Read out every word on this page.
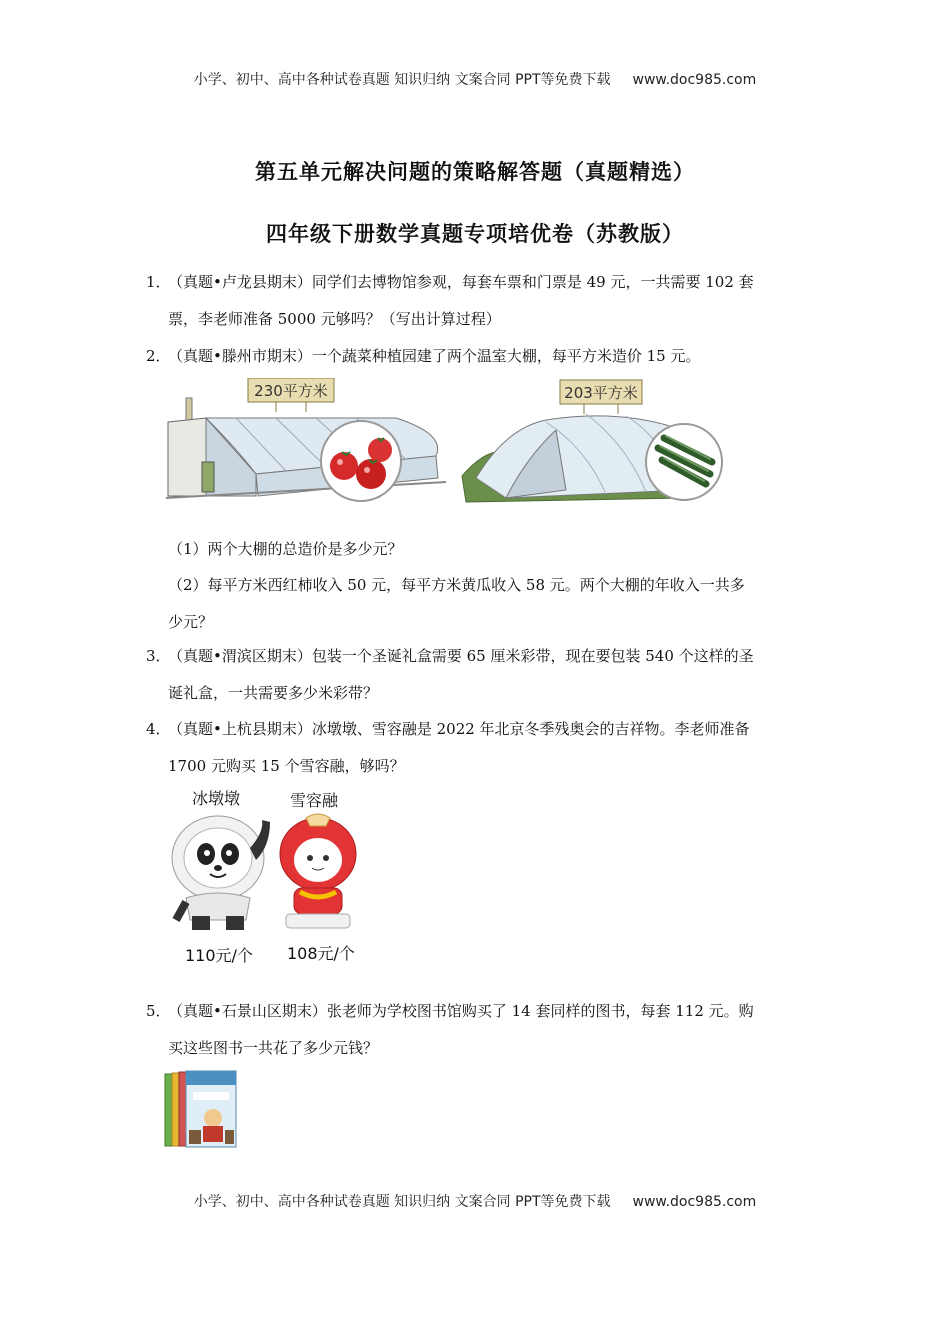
小学、初中、高中各种试卷真题 知识归纳 文案合同 PPT等免费下载 www.doc985.com
第五单元解决问题的策略解答题（真题精选）
四年级下册数学真题专项培优卷（苏教版）
1．（真题•卢龙县期末）同学们去博物馆参观，每套车票和门票是 49 元，一共需要 102 套
票，李老师准备 5000 元够吗？（写出计算过程）
2．（真题•滕州市期末）一个蔬菜种植园建了两个温室大棚，每平方米造价 15 元。
230平方米	203平方米
（1）两个大棚的总造价是多少元？
（2）每平方米西红柿收入 50 元，每平方米黄瓜收入 58 元。两个大棚的年收入一共多
少元？
3．（真题•渭滨区期末）包装一个圣诞礼盒需要 65 厘米彩带，现在要包装 540 个这样的圣
诞礼盒，一共需要多少米彩带？
4．（真题•上杭县期末）冰墩墩、雪容融是 2022 年北京冬季残奥会的吉祥物。李老师准备
1700 元购买 15 个雪容融，够吗？
冰墩墩	雪容融
110元/个 108元/个
5．（真题•石景山区期末）张老师为学校图书馆购买了 14 套同样的图书，每套 112 元。购
买这些图书一共花了多少元钱？
小学、初中、高中各种试卷真题 知识归纳 文案合同 PPT等免费下载 www.doc985.com
